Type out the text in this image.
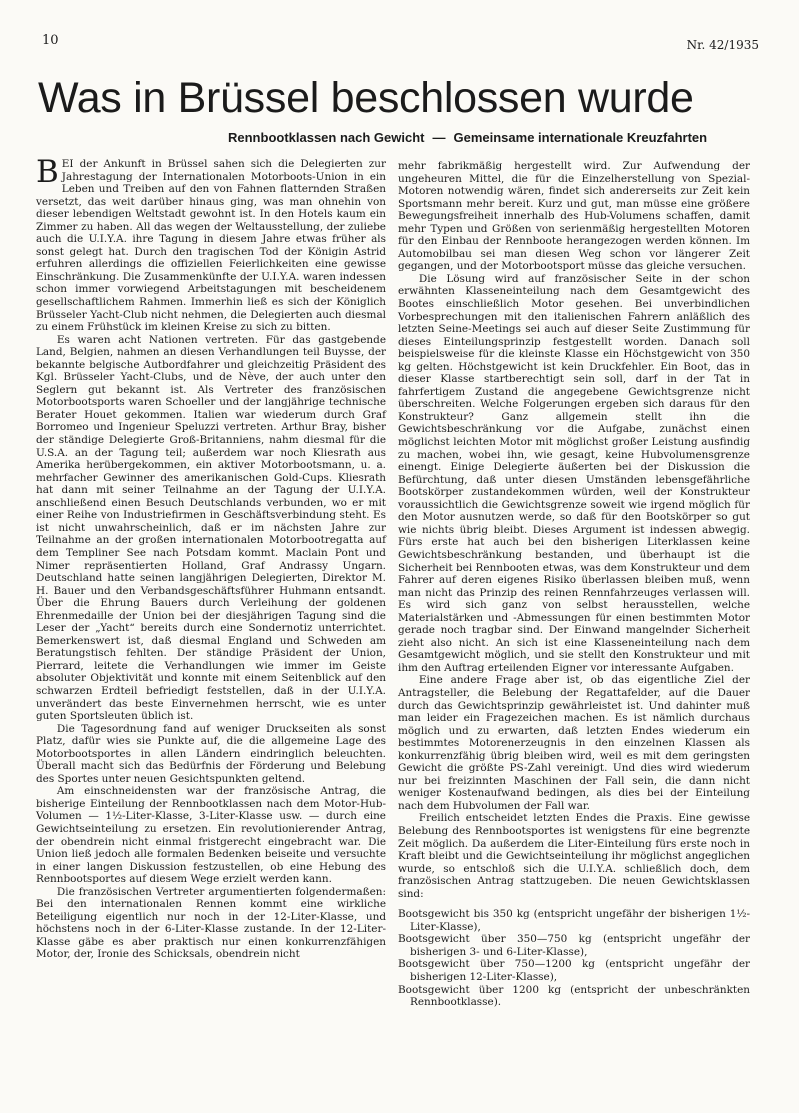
10	Nr. 42/1935
Was in Brüssel beschlossen wurde
Rennbootklassen nach Gewicht — Gemeinsame internationale Kreuzfahrten

BEI der Ankunft in Brüssel sahen sich die Delegierten zur Jahrestagung der Internationalen Motorboots-Union in ein Leben und Treiben auf den von Fahnen flatternden Straßen versetzt, das weit darüber hinaus ging, was man ohnehin von dieser lebendigen Weltstadt gewohnt ist. In den Hotels kaum ein Zimmer zu haben. All das wegen der Weltausstellung, der zuliebe auch die U.I.Y.A. ihre Tagung in diesem Jahre etwas früher als sonst gelegt hat. Durch den tragischen Tod der Königin Astrid erfuhren allerdings die offiziellen Feierlichkeiten eine gewisse Einschränkung. Die Zusammenkünfte der U.I.Y.A. waren indessen schon immer vorwiegend Arbeitstagungen mit bescheidenem gesellschaftlichem Rahmen. Immerhin ließ es sich der Königlich Brüsseler Yacht-Club nicht nehmen, die Delegierten auch diesmal zu einem Frühstück im kleinen Kreise zu sich zu bitten.

Es waren acht Nationen vertreten. Für das gastgebende Land, Belgien, nahmen an diesen Verhandlungen teil Buysse, der bekannte belgische Autbordfahrer und gleichzeitig Präsident des Kgl. Brüsseler Yacht-Clubs, und de Nève, der auch unter den Seglern gut bekannt ist. Als Vertreter des französischen Motorbootsports waren Schoeller und der langjährige technische Berater Houet gekommen. Italien war wiederum durch Graf Borromeo und Ingenieur Speluzzi vertreten. Arthur Bray, bisher der ständige Delegierte Groß-Britanniens, nahm diesmal für die U.S.A. an der Tagung teil; außerdem war noch Kliesrath aus Amerika herübergekommen, ein aktiver Motorbootsmann, u. a. mehrfacher Gewinner des amerikanischen Gold-Cups. Kliesrath hat dann mit seiner Teilnahme an der Tagung der U.I.Y.A. anschließend einen Besuch Deutschlands verbunden, wo er mit einer Reihe von Industriefirmen in Geschäftsverbindung steht. Es ist nicht unwahrscheinlich, daß er im nächsten Jahre zur Teilnahme an der großen internationalen Motorbootregatta auf dem Templiner See nach Potsdam kommt. Maclain Pont und Nimer repräsentierten Holland, Graf Andrassy Ungarn. Deutschland hatte seinen langjährigen Delegierten, Direktor M. H. Bauer und den Verbandsgeschäftsführer Huhmann entsandt. Über die Ehrung Bauers durch Verleihung der goldenen Ehrenmedaille der Union bei der diesjährigen Tagung sind die Leser der „Yacht“ bereits durch eine Sondernotiz unterrichtet. Bemerkenswert ist, daß diesmal England und Schweden am Beratungstisch fehlten. Der ständige Präsident der Union, Pierrard, leitete die Verhandlungen wie immer im Geiste absoluter Objektivität und konnte mit einem Seitenblick auf den schwarzen Erdteil befriedigt feststellen, daß in der U.I.Y.A. unverändert das beste Einvernehmen herrscht, wie es unter guten Sportsleuten üblich ist.

Die Tagesordnung fand auf weniger Druckseiten als sonst Platz, dafür wies sie Punkte auf, die die allgemeine Lage des Motorbootsportes in allen Ländern eindringlich beleuchten. Überall macht sich das Bedürfnis der Förderung und Belebung des Sportes unter neuen Gesichtspunkten geltend.

Am einschneidensten war der französische Antrag, die bisherige Einteilung der Rennbootklassen nach dem Motor-Hub-Volumen — 1½-Liter-Klasse, 3-Liter-Klasse usw. — durch eine Gewichtseinteilung zu ersetzen. Ein revolutionierender Antrag, der obendrein nicht einmal fristgerecht eingebracht war. Die Union ließ jedoch alle formalen Bedenken beiseite und versuchte in einer langen Diskussion festzustellen, ob eine Hebung des Rennbootsportes auf diesem Wege erzielt werden kann.

Die französischen Vertreter argumentierten folgendermaßen: Bei den internationalen Rennen kommt eine wirkliche Beteiligung eigentlich nur noch in der 12-Liter-Klasse, und höchstens noch in der 6-Liter-Klasse zustande. In der 12-Liter-Klasse gäbe es aber praktisch nur einen konkurrenzfähigen Motor, der, Ironie des Schicksals, obendrein nicht

mehr fabrikmäßig hergestellt wird. Zur Aufwendung der ungeheuren Mittel, die für die Einzelherstellung von Spezial-Motoren notwendig wären, findet sich andererseits zur Zeit kein Sportsmann mehr bereit. Kurz und gut, man müsse eine größere Bewegungsfreiheit innerhalb des Hub-Volumens schaffen, damit mehr Typen und Größen von serienmäßig hergestellten Motoren für den Einbau der Rennboote herangezogen werden können. Im Automobilbau sei man diesen Weg schon vor längerer Zeit gegangen, und der Motorbootsport müsse das gleiche versuchen.

Die Lösung wird auf französischer Seite in der schon erwähnten Klasseneinteilung nach dem Gesamtgewicht des Bootes einschließlich Motor gesehen. Bei unverbindlichen Vorbesprechungen mit den italienischen Fahrern anläßlich des letzten Seine-Meetings sei auch auf dieser Seite Zustimmung für dieses Einteilungsprinzip festgestellt worden. Danach soll beispielsweise für die kleinste Klasse ein Höchstgewicht von 350 kg gelten. Höchstgewicht ist kein Druckfehler. Ein Boot, das in dieser Klasse startberechtigt sein soll, darf in der Tat in fahrfertigem Zustand die angegebene Gewichtsgrenze nicht überschreiten. Welche Folgerungen ergeben sich daraus für den Konstrukteur? Ganz allgemein stellt ihn die Gewichtsbeschränkung vor die Aufgabe, zunächst einen möglichst leichten Motor mit möglichst großer Leistung ausfindig zu machen, wobei ihn, wie gesagt, keine Hubvolumensgrenze einengt. Einige Delegierte äußerten bei der Diskussion die Befürchtung, daß unter diesen Umständen lebensgefährliche Bootskörper zustandekommen würden, weil der Konstrukteur voraussichtlich die Gewichtsgrenze soweit wie irgend möglich für den Motor ausnutzen werde, so daß für den Bootskörper so gut wie nichts übrig bleibt. Dieses Argument ist indessen abwegig. Fürs erste hat auch bei den bisherigen Literklassen keine Gewichtsbeschränkung bestanden, und überhaupt ist die Sicherheit bei Rennbooten etwas, was dem Konstrukteur und dem Fahrer auf deren eigenes Risiko überlassen bleiben muß, wenn man nicht das Prinzip des reinen Rennfahrzeuges verlassen will. Es wird sich ganz von selbst herausstellen, welche Materialstärken und -Abmessungen für einen bestimmten Motor gerade noch tragbar sind. Der Einwand mangelnder Sicherheit zieht also nicht. An sich ist eine Klasseneinteilung nach dem Gesamtgewicht möglich, und sie stellt den Konstrukteur und mit ihm den Auftrag erteilenden Eigner vor interessante Aufgaben.

Eine andere Frage aber ist, ob das eigentliche Ziel der Antragsteller, die Belebung der Regattafelder, auf die Dauer durch das Gewichtsprinzip gewährleistet ist. Und dahinter muß man leider ein Fragezeichen machen. Es ist nämlich durchaus möglich und zu erwarten, daß letzten Endes wiederum ein bestimmtes Motorenerzeugnis in den einzelnen Klassen als konkurrenzfähig übrig bleiben wird, weil es mit dem geringsten Gewicht die größte PS-Zahl vereinigt. Und dies wird wiederum nur bei freizinnten Maschinen der Fall sein, die dann nicht weniger Kostenaufwand bedingen, als dies bei der Einteilung nach dem Hubvolumen der Fall war.

Freilich entscheidet letzten Endes die Praxis. Eine gewisse Belebung des Rennbootsportes ist wenigstens für eine begrenzte Zeit möglich. Da außerdem die Liter-Einteilung fürs erste noch in Kraft bleibt und die Gewichtseinteilung ihr möglichst angeglichen wurde, so entschloß sich die U.I.Y.A. schließlich doch, dem französischen Antrag stattzugeben. Die neuen Gewichtsklassen sind:

Bootsgewicht bis 350 kg (entspricht ungefähr der bisherigen 1½-Liter-Klasse),

Bootsgewicht über 350—750 kg (entspricht ungefähr der bisherigen 3- und 6-Liter-Klasse),

Bootsgewicht über 750—1200 kg (entspricht ungefähr der bisherigen 12-Liter-Klasse),

Bootsgewicht über 1200 kg (entspricht der unbeschränkten Rennbootklasse).
